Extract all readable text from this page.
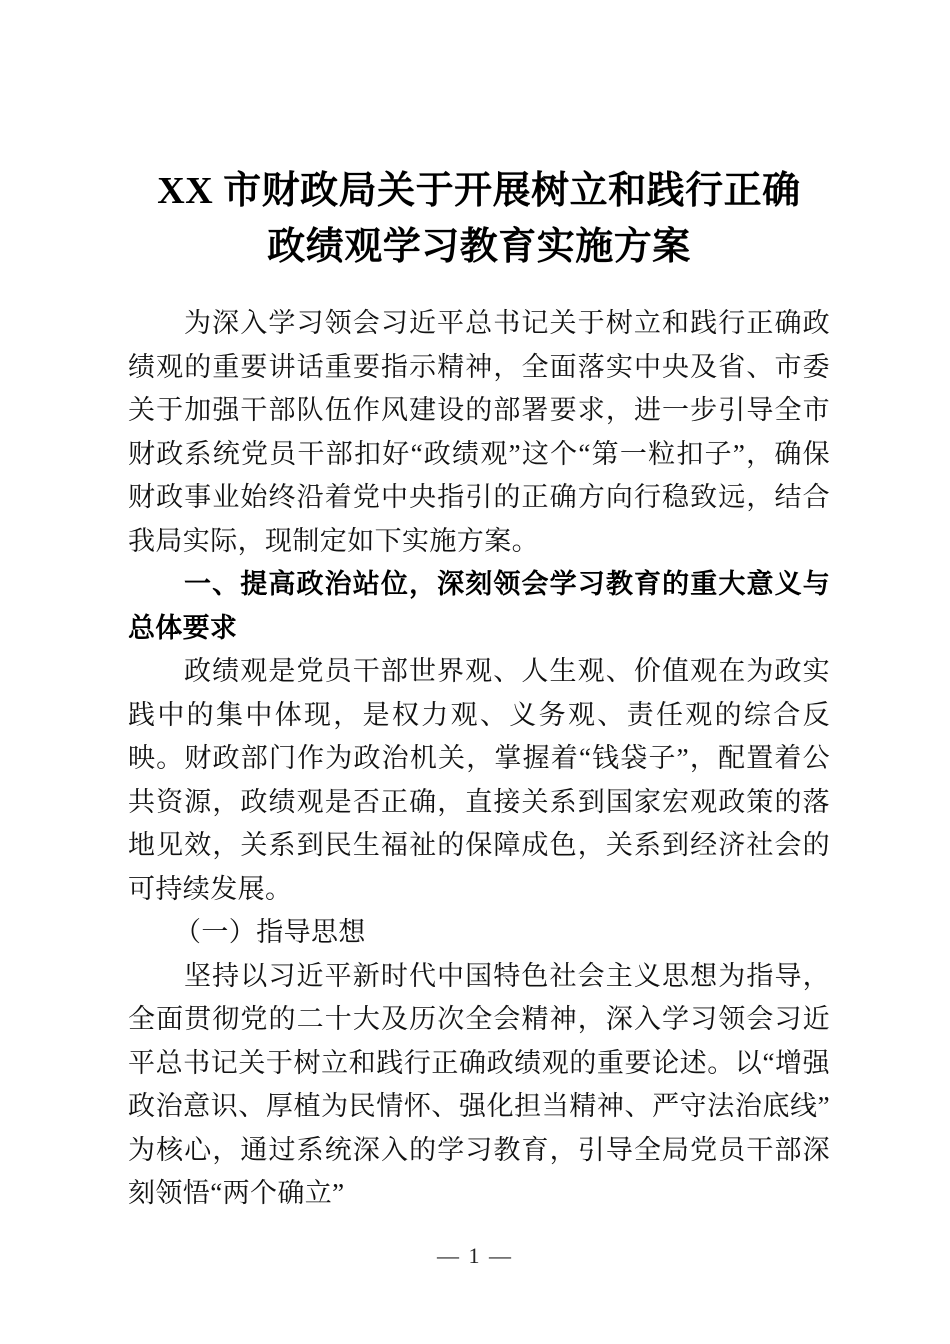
XX 市财政局关于开展树立和践行正确
政绩观学习教育实施方案

为深入学习领会习近平总书记关于树立和践行正确政绩观的重要讲话重要指示精神，全面落实中央及省、市委关于加强干部队伍作风建设的部署要求，进一步引导全市财政系统党员干部扣好“政绩观”这个“第一粒扣子”，确保财政事业始终沿着党中央指引的正确方向行稳致远，结合我局实际，现制定如下实施方案。

一、提高政治站位，深刻领会学习教育的重大意义与总体要求

政绩观是党员干部世界观、人生观、价值观在为政实践中的集中体现，是权力观、义务观、责任观的综合反映。财政部门作为政治机关，掌握着“钱袋子”，配置着公共资源，政绩观是否正确，直接关系到国家宏观政策的落地见效，关系到民生福祉的保障成色，关系到经济社会的可持续发展。

（一）指导思想

坚持以习近平新时代中国特色社会主义思想为指导，全面贯彻党的二十大及历次全会精神，深入学习领会习近平总书记关于树立和践行正确政绩观的重要论述。以“增强政治意识、厚植为民情怀、强化担当精神、严守法治底线”为核心，通过系统深入的学习教育，引导全局党员干部深刻领悟“两个确立”

— 1 —
